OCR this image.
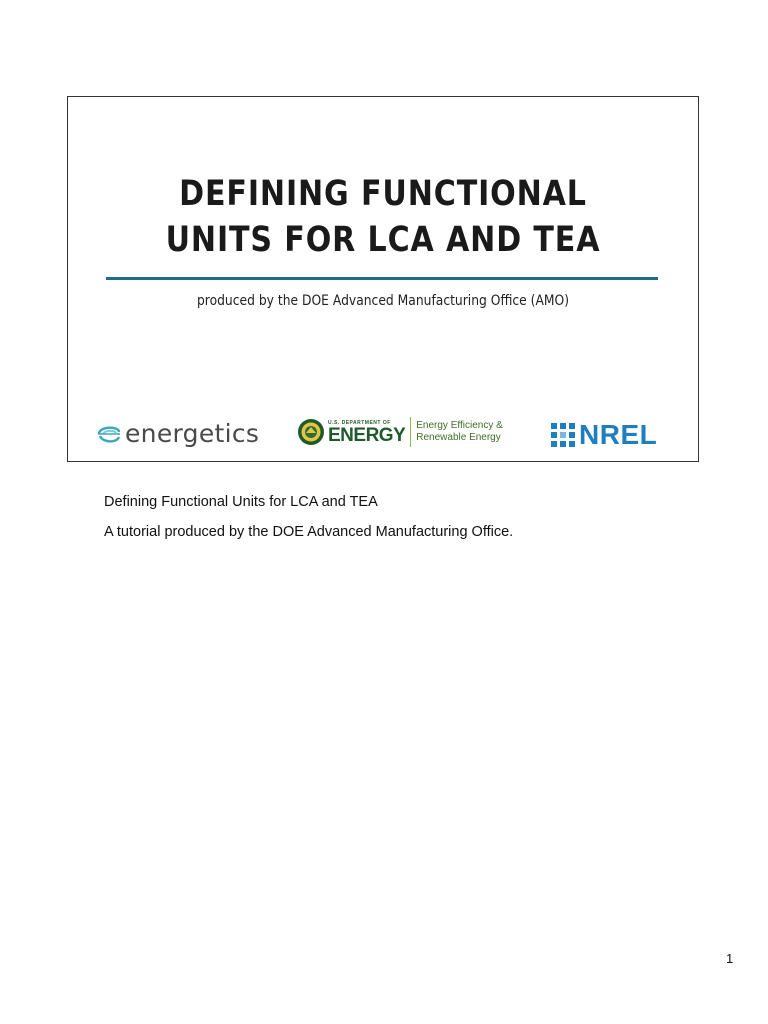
DEFINING FUNCTIONAL
UNITS FOR LCA AND TEA
produced by the DOE Advanced Manufacturing Office (AMO)
energetics	U.S. DEPARTMENT OF
ENERGY Energy Efficiency &
Renewable Energy	NREL

Defining Functional Units for LCA and TEA

A tutorial produced by the DOE Advanced Manufacturing Office.

1
